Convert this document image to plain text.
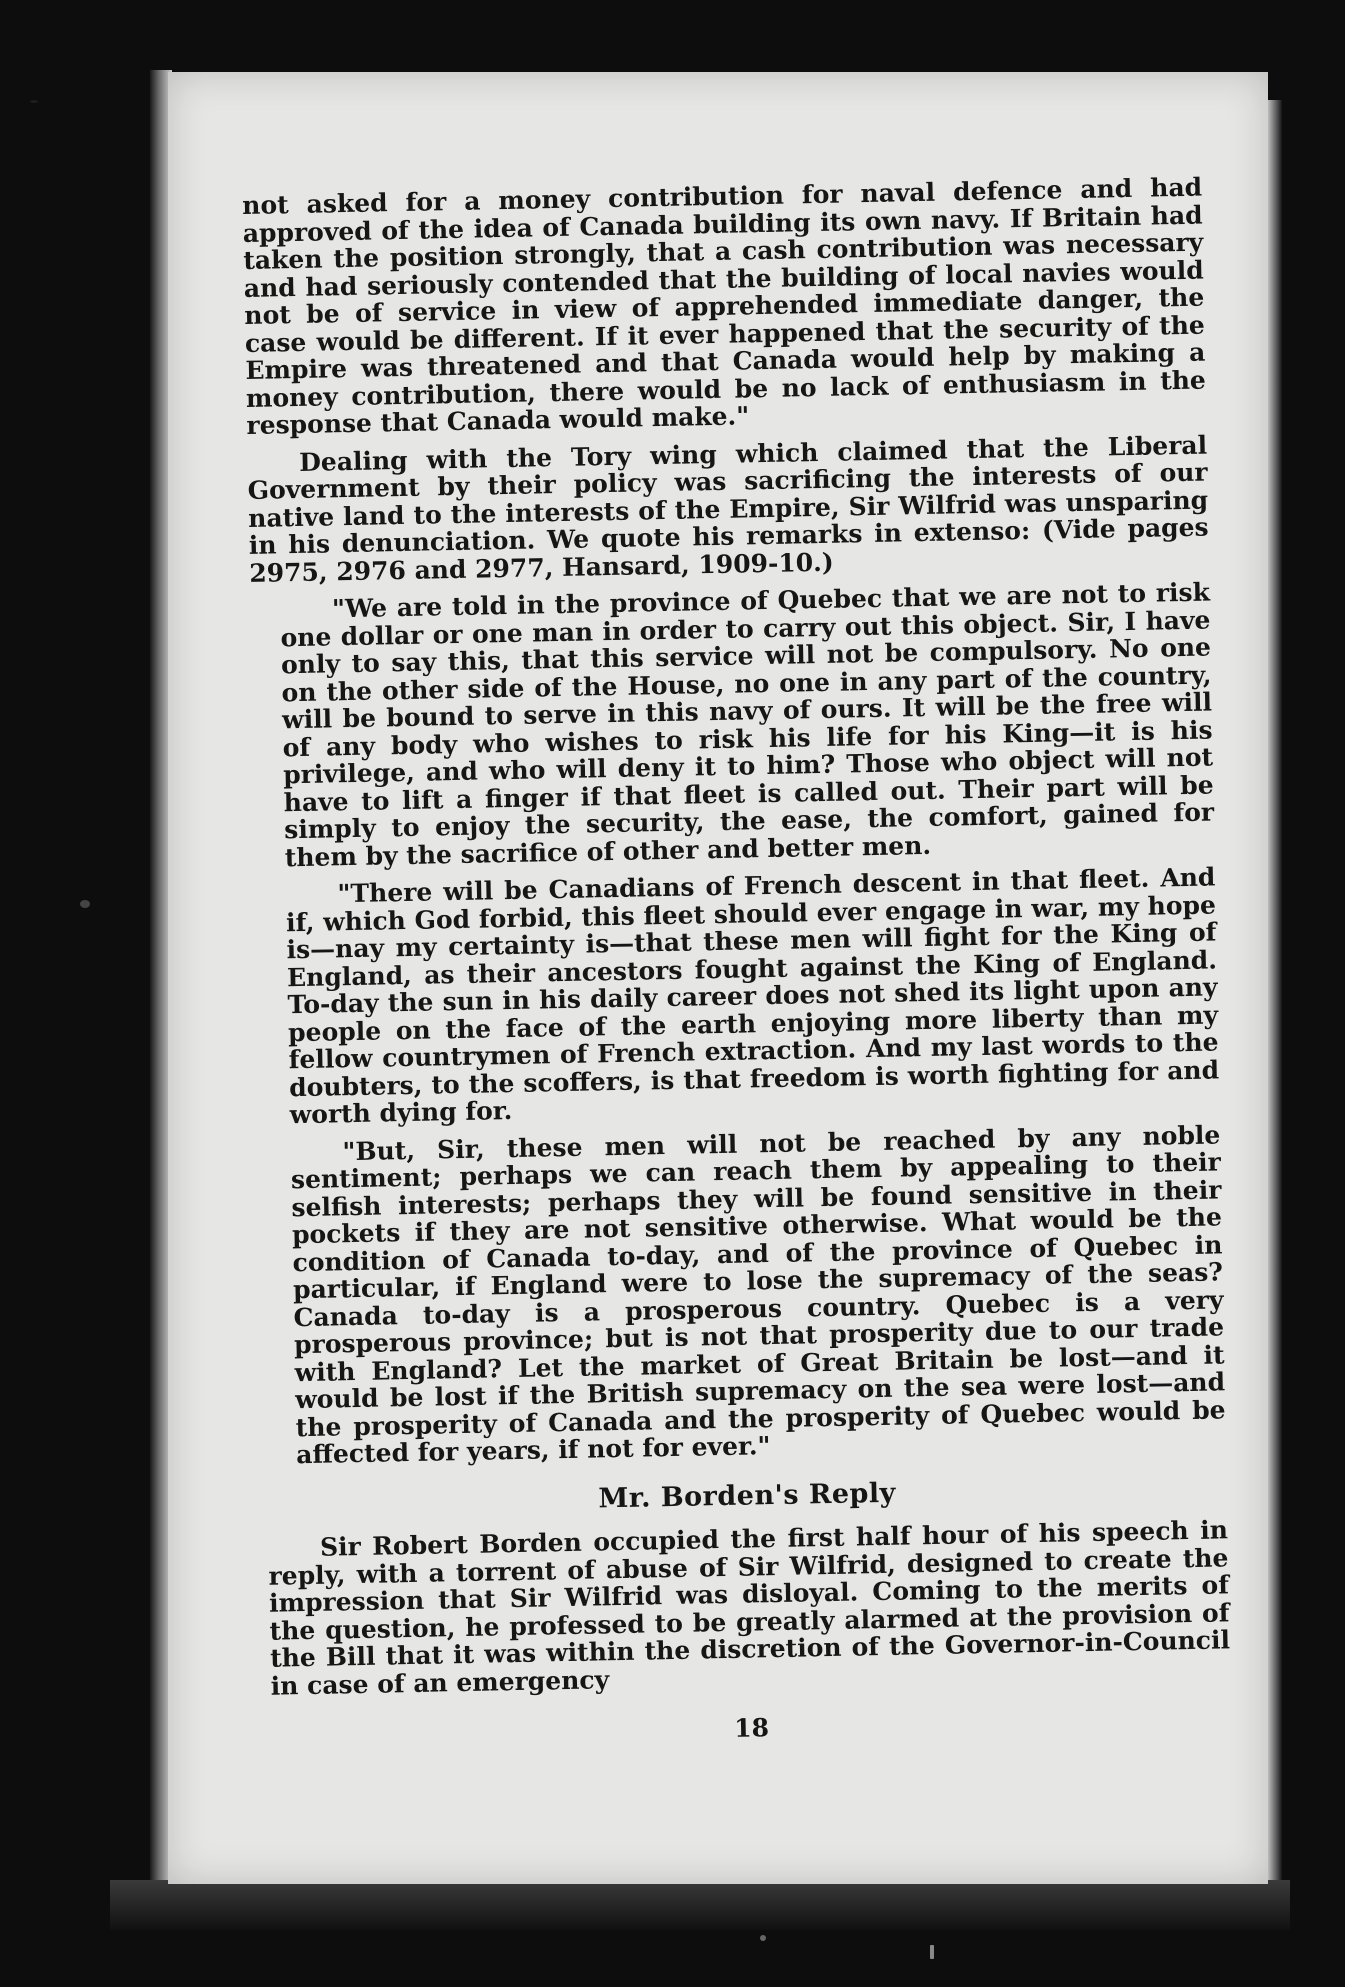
not asked for a money contribution for naval defence and had approved of the idea of Canada building its own navy. If Britain had taken the position strongly, that a cash contribution was necessary and had seriously contended that the building of local navies would not be of service in view of apprehended immediate danger, the case would be different. If it ever happened that the security of the Empire was threatened and that Canada would help by making a money contribution, there would be no lack of enthusiasm in the response that Canada would make."

Dealing with the Tory wing which claimed that the Liberal Government by their policy was sacrificing the interests of our native land to the interests of the Empire, Sir Wilfrid was unsparing in his denunciation. We quote his remarks in extenso: (Vide pages 2975, 2976 and 2977, Hansard, 1909-10.)

"We are told in the province of Quebec that we are not to risk one dollar or one man in order to carry out this object. Sir, I have only to say this, that this service will not be compulsory. No one on the other side of the House, no one in any part of the country, will be bound to serve in this navy of ours. It will be the free will of any body who wishes to risk his life for his King—it is his privilege, and who will deny it to him? Those who object will not have to lift a finger if that fleet is called out. Their part will be simply to enjoy the security, the ease, the comfort, gained for them by the sacrifice of other and better men.

"There will be Canadians of French descent in that fleet. And if, which God forbid, this fleet should ever engage in war, my hope is—nay my certainty is—that these men will fight for the King of England, as their ancestors fought against the King of England. To-day the sun in his daily career does not shed its light upon any people on the face of the earth enjoying more liberty than my fellow countrymen of French extraction. And my last words to the doubters, to the scoffers, is that freedom is worth fighting for and worth dying for.

"But, Sir, these men will not be reached by any noble sentiment; perhaps we can reach them by appealing to their selfish interests; perhaps they will be found sensitive in their pockets if they are not sensitive otherwise. What would be the condition of Canada to-day, and of the province of Quebec in particular, if England were to lose the supremacy of the seas? Canada to-day is a prosperous country. Quebec is a very prosperous province; but is not that prosperity due to our trade with England? Let the market of Great Britain be lost—and it would be lost if the British supremacy on the sea were lost—and the prosperity of Canada and the prosperity of Quebec would be affected for years, if not for ever."

Mr. Borden's Reply

Sir Robert Borden occupied the first half hour of his speech in reply, with a torrent of abuse of Sir Wilfrid, designed to create the impression that Sir Wilfrid was disloyal. Coming to the merits of the question, he professed to be greatly alarmed at the provision of the Bill that it was within the discretion of the Governor-in-Council in case of an emergency

18
